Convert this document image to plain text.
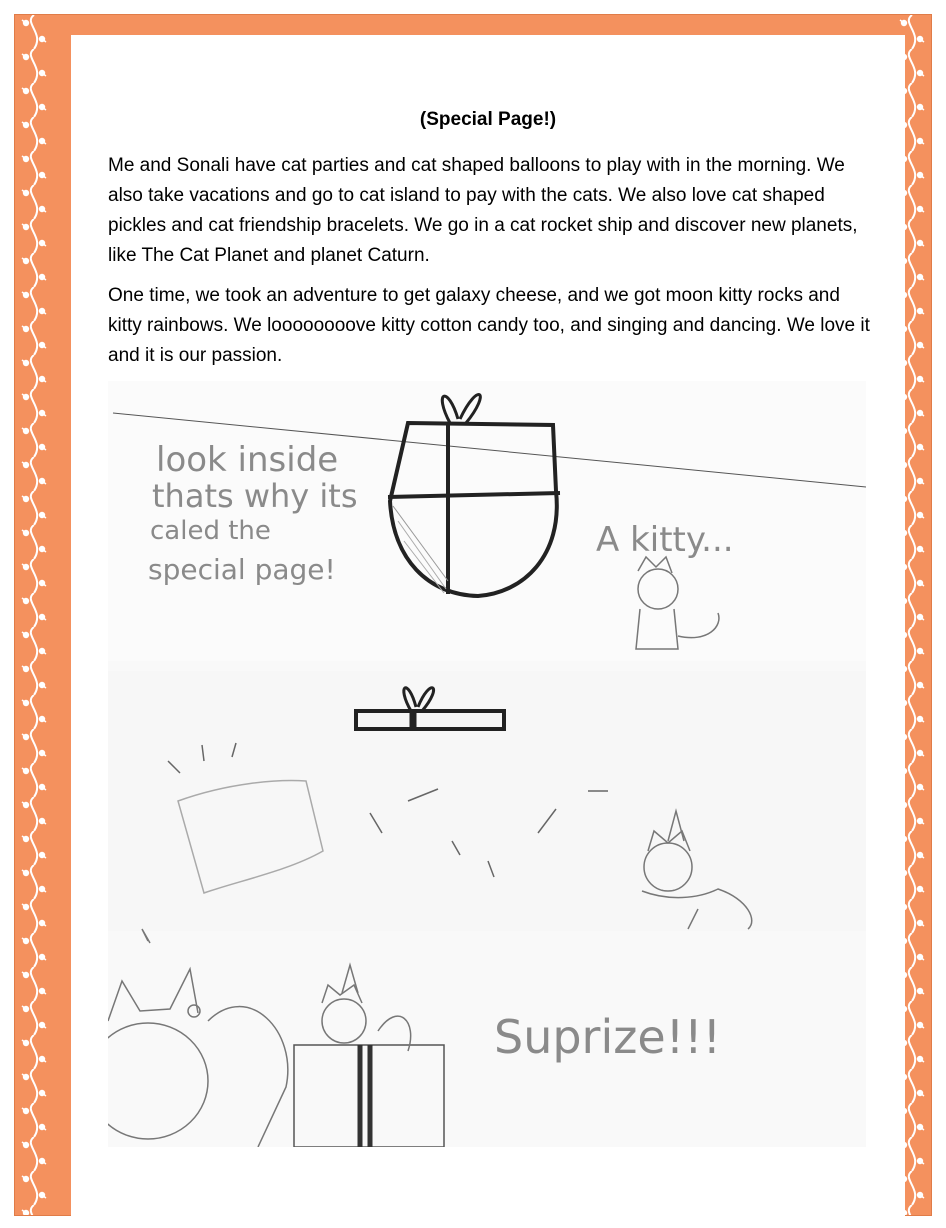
(Special Page!)

Me and Sonali have cat parties and cat shaped balloons to play with in the morning. We also take vacations and go to cat island to pay with the cats. We also love cat shaped pickles and cat friendship bracelets. We go in a cat rocket ship and discover new planets, like The Cat Planet and planet Caturn.

One time, we took an adventure to get galaxy cheese, and we got moon kitty rocks and kitty rainbows. We loooooooove kitty cotton candy too, and singing and dancing. We love it and it is our passion.

look inside
thats why its
caled the
special page!
A kitty...
Suprize!!!
